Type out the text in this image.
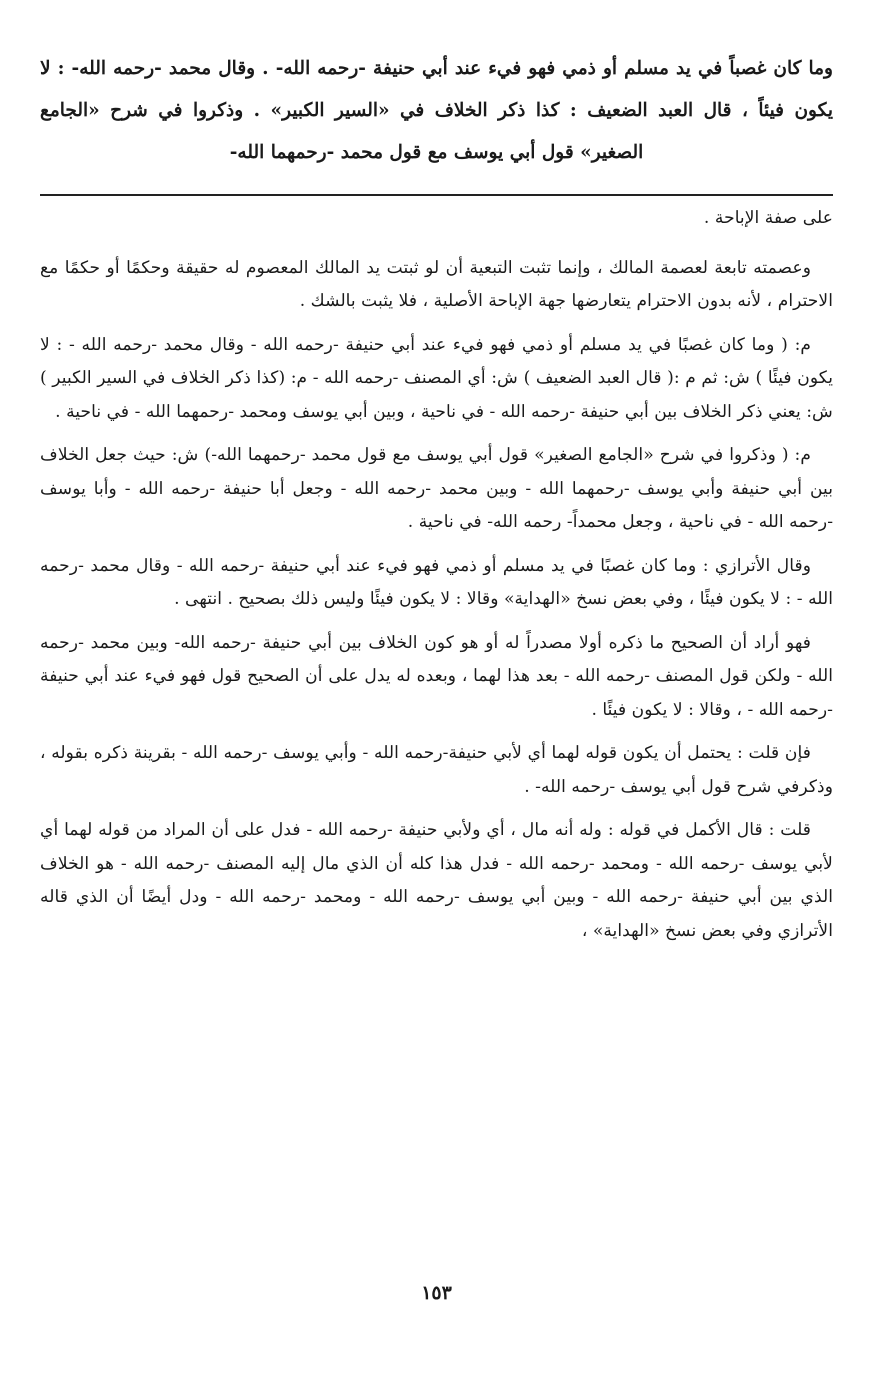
وما كان غصباً في يد مسلم أو ذمي فهو فيء عند أبي حنيفة -رحمه الله- . وقال محمد -رحمه الله- : لا يكون فيئاً ، قال العبد الضعيف : كذا ذكر الخلاف في «السير الكبير» . وذكروا في شرح «الجامع الصغير» قول أبي يوسف مع قول محمد -رحمهما الله-

على صفة الإباحة .

وعصمته تابعة لعصمة المالك ، وإنما تثبت التبعية أن لو ثبتت يد المالك المعصوم له حقيقة وحكمًا أو حكمًا مع الاحترام ، لأنه بدون الاحترام يتعارضها جهة الإباحة الأصلية ، فلا يثبت بالشك .

م: ( وما كان غصبًا في يد مسلم أو ذمي فهو فيء عند أبي حنيفة -رحمه الله - وقال محمد -رحمه الله - : لا يكون فيئًا ) ش: ثم م :( قال العبد الضعيف ) ش: أي المصنف -رحمه الله - م: (كذا ذكر الخلاف في السير الكبير ) ش: يعني ذكر الخلاف بين أبي حنيفة -رحمه الله - في ناحية ، وبين أبي يوسف ومحمد -رحمهما الله - في ناحية .

م: ( وذكروا في شرح «الجامع الصغير» قول أبي يوسف مع قول محمد -رحمهما الله-) ش: حيث جعل الخلاف بين أبي حنيفة وأبي يوسف -رحمهما الله - وبين محمد -رحمه الله - وجعل أبا حنيفة -رحمه الله - وأبا يوسف -رحمه الله - في ناحية ، وجعل محمداً- رحمه الله- في ناحية .

وقال الأترازي : وما كان غصبًا في يد مسلم أو ذمي فهو فيء عند أبي حنيفة -رحمه الله - وقال محمد -رحمه الله - : لا يكون فيئًا ، وفي بعض نسخ «الهداية» وقالا : لا يكون فيئًا وليس ذلك بصحيح . انتهى .

فهو أراد أن الصحيح ما ذكره أولا مصدراً له أو هو كون الخلاف بين أبي حنيفة -رحمه الله- وبين محمد -رحمه الله - ولكن قول المصنف -رحمه الله - بعد هذا لهما ، وبعده له يدل على أن الصحيح قول فهو فيء عند أبي حنيفة -رحمه الله - ، وقالا : لا يكون فيئًا .

فإن قلت : يحتمل أن يكون قوله لهما أي لأبي حنيفة-رحمه الله - وأبي يوسف -رحمه الله - بقرينة ذكره بقوله ، وذكرفي شرح قول أبي يوسف -رحمه الله- .

قلت : قال الأكمل في قوله : وله أنه مال ، أي ولأبي حنيفة -رحمه الله - فدل على أن المراد من قوله لهما أي لأبي يوسف -رحمه الله - ومحمد -رحمه الله - فدل هذا كله أن الذي مال إليه المصنف -رحمه الله - هو الخلاف الذي بين أبي حنيفة -رحمه الله - وبين أبي يوسف -رحمه الله - ومحمد -رحمه الله - ودل أيضًا أن الذي قاله الأترازي وفي بعض نسخ «الهداية» ،

١٥٣
